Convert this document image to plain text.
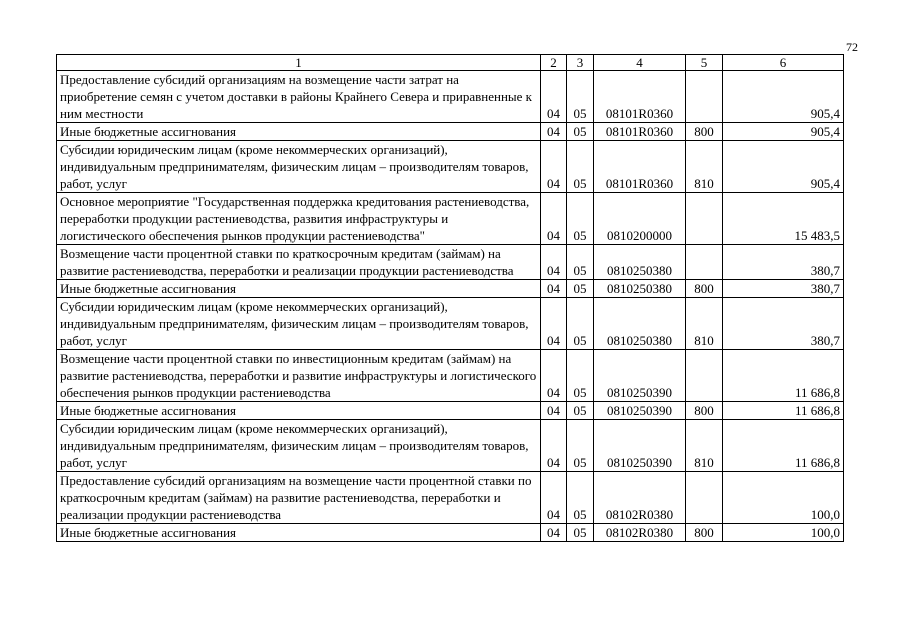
72
1	2	3	4	5	6
Предоставление субсидий организациям на возмещение части затрат на приобретение семян с учетом доставки в районы Крайнего Севера и приравненные к ним местности	04	05	08101R0360		905,4
Иные бюджетные ассигнования	04	05	08101R0360	800	905,4
Субсидии юридическим лицам (кроме некоммерческих организаций), индивидуальным предпринимателям, физическим лицам – производителям товаров, работ, услуг	04	05	08101R0360	810	905,4
Основное мероприятие "Государственная поддержка кредитования растениеводства, переработки продукции растениеводства, развития инфраструктуры и логистического обеспечения рынков продукции растениеводства"	04	05	0810200000		15 483,5
Возмещение части процентной ставки по краткосрочным кредитам (займам) на развитие растениеводства, переработки и реализации продукции растениеводства	04	05	0810250380		380,7
Иные бюджетные ассигнования	04	05	0810250380	800	380,7
Субсидии юридическим лицам (кроме некоммерческих организаций), индивидуальным предпринимателям, физическим лицам – производителям товаров, работ, услуг	04	05	0810250380	810	380,7
Возмещение части процентной ставки по инвестиционным кредитам (займам) на развитие растениеводства, переработки и развитие инфраструктуры и логистического обеспечения рынков продукции растениеводства	04	05	0810250390		11 686,8
Иные бюджетные ассигнования	04	05	0810250390	800	11 686,8
Субсидии юридическим лицам (кроме некоммерческих организаций), индивидуальным предпринимателям, физическим лицам – производителям товаров, работ, услуг	04	05	0810250390	810	11 686,8
Предоставление субсидий организациям на возмещение части процентной ставки по краткосрочным кредитам (займам) на развитие растениеводства, переработки и реализации продукции растениеводства	04	05	08102R0380		100,0
Иные бюджетные ассигнования	04	05	08102R0380	800	100,0
